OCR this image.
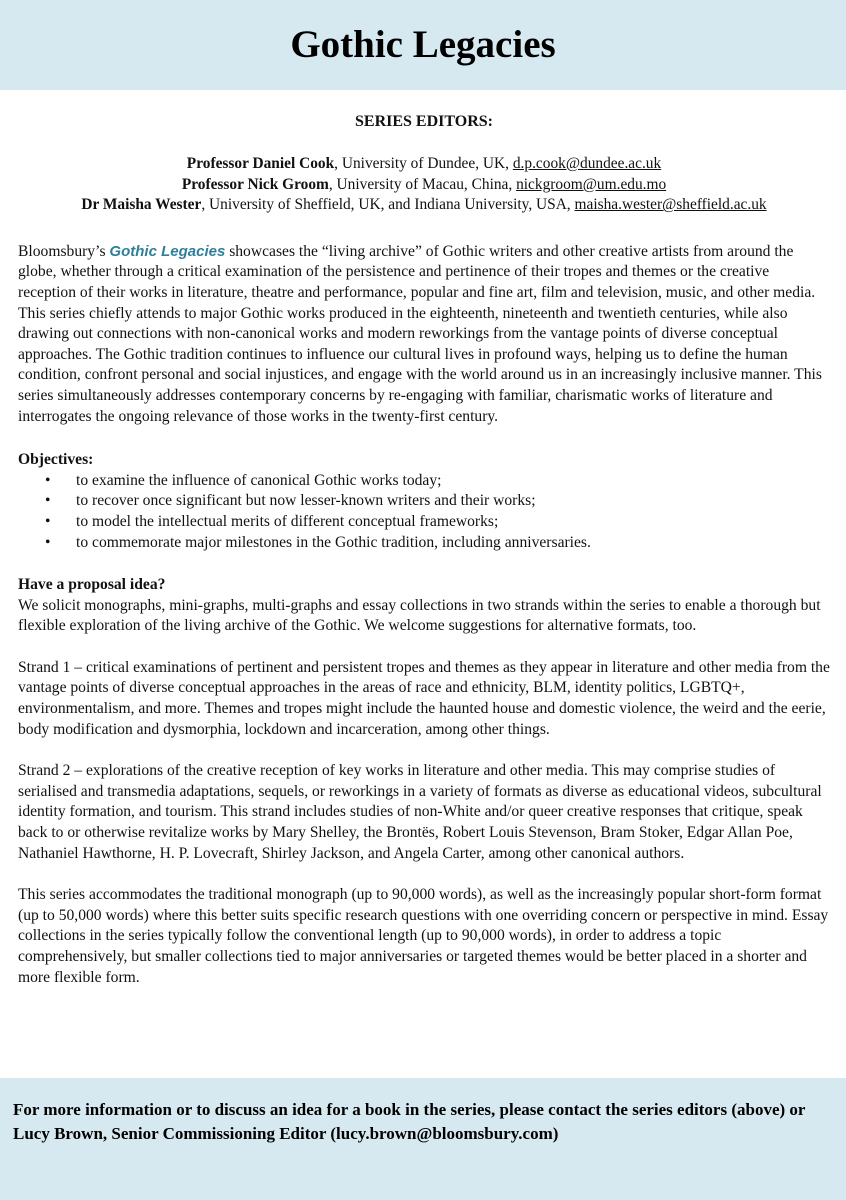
Gothic Legacies

SERIES EDITORS:

Professor Daniel Cook, University of Dundee, UK, d.p.cook@dundee.ac.uk
Professor Nick Groom, University of Macau, China, nickgroom@um.edu.mo
Dr Maisha Wester, University of Sheffield, UK, and Indiana University, USA, maisha.wester@sheffield.ac.uk

Bloomsbury’s Gothic Legacies showcases the “living archive” of Gothic writers and other creative artists from around the globe, whether through a critical examination of the persistence and pertinence of their tropes and themes or the creative reception of their works in literature, theatre and performance, popular and fine art, film and television, music, and other media. This series chiefly attends to major Gothic works produced in the eighteenth, nineteenth and twentieth centuries, while also drawing out connections with non-canonical works and modern reworkings from the vantage points of diverse conceptual approaches. The Gothic tradition continues to influence our cultural lives in profound ways, helping us to define the human condition, confront personal and social injustices, and engage with the world around us in an increasingly inclusive manner. This series simultaneously addresses contemporary concerns by re-engaging with familiar, charismatic works of literature and interrogates the ongoing relevance of those works in the twenty-first century.

Objectives:

• to examine the influence of canonical Gothic works today;
• to recover once significant but now lesser-known writers and their works;
• to model the intellectual merits of different conceptual frameworks;
• to commemorate major milestones in the Gothic tradition, including anniversaries.

Have a proposal idea?

We solicit monographs, mini-graphs, multi-graphs and essay collections in two strands within the series to enable a thorough but flexible exploration of the living archive of the Gothic. We welcome suggestions for alternative formats, too.

Strand 1 – critical examinations of pertinent and persistent tropes and themes as they appear in literature and other media from the vantage points of diverse conceptual approaches in the areas of race and ethnicity, BLM, identity politics, LGBTQ+, environmentalism, and more. Themes and tropes might include the haunted house and domestic violence, the weird and the eerie, body modification and dysmorphia, lockdown and incarceration, among other things.

Strand 2 – explorations of the creative reception of key works in literature and other media. This may comprise studies of serialised and transmedia adaptations, sequels, or reworkings in a variety of formats as diverse as educational videos, subcultural identity formation, and tourism. This strand includes studies of non-White and/or queer creative responses that critique, speak back to or otherwise revitalize works by Mary Shelley, the Brontës, Robert Louis Stevenson, Bram Stoker, Edgar Allan Poe, Nathaniel Hawthorne, H. P. Lovecraft, Shirley Jackson, and Angela Carter, among other canonical authors.

This series accommodates the traditional monograph (up to 90,000 words), as well as the increasingly popular short-form format (up to 50,000 words) where this better suits specific research questions with one overriding concern or perspective in mind. Essay collections in the series typically follow the conventional length (up to 90,000 words), in order to address a topic comprehensively, but smaller collections tied to major anniversaries or targeted themes would be better placed in a shorter and more flexible form.

For more information or to discuss an idea for a book in the series, please contact the series editors (above) or Lucy Brown, Senior Commissioning Editor (lucy.brown@bloomsbury.com)
